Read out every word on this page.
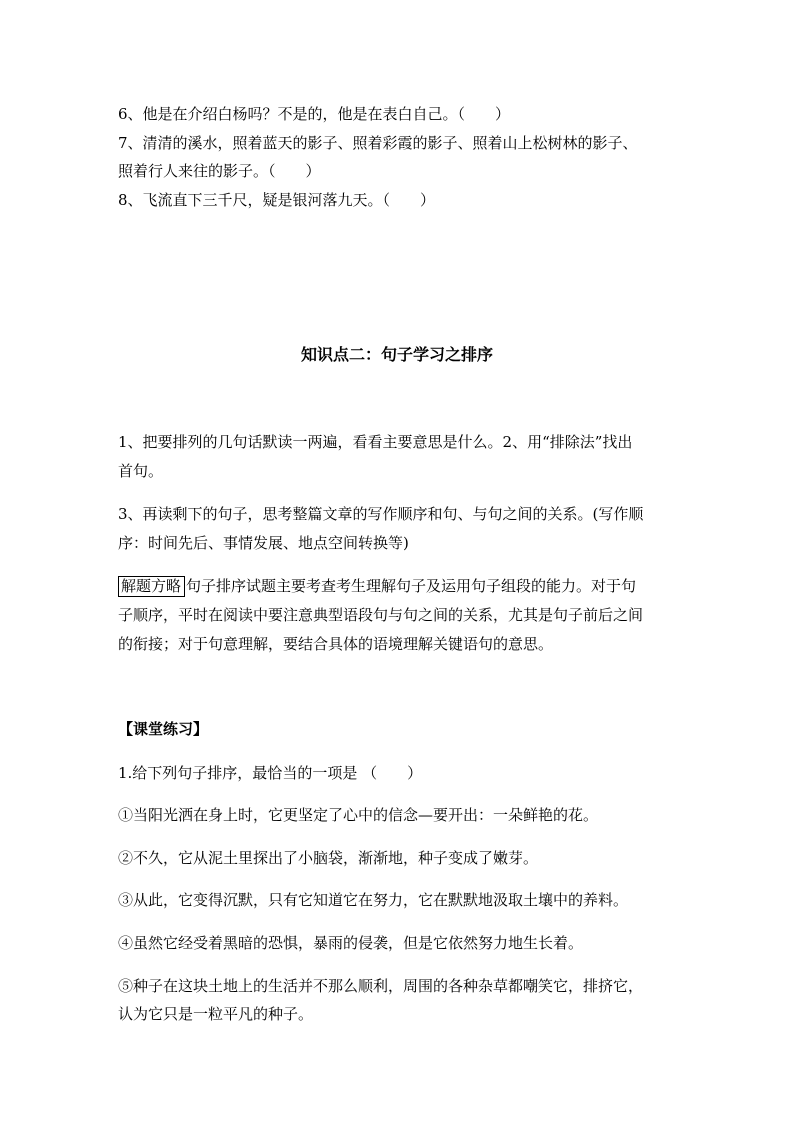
6、他是在介绍白杨吗？不是的，他是在表白自己。（　　）
7、清清的溪水，照着蓝天的影子、照着彩霞的影子、照着山上松树林的影子、
照着行人来往的影子。（　　）
8、飞流直下三千尺，疑是银河落九天。（　　）
知识点二：句子学习之排序
1、把要排列的几句话默读一两遍，看看主要意思是什么。2、用“排除法”找出
首句。
3、再读剩下的句子，思考整篇文章的写作顺序和句、与句之间的关系。(写作顺
序：时间先后、事情发展、地点空间转换等)
解题方略 句子排序试题主要考查考生理解句子及运用句子组段的能力。对于句
子顺序，平时在阅读中要注意典型语段句与句之间的关系，尤其是句子前后之间
的衔接；对于句意理解，要结合具体的语境理解关键语句的意思。
【课堂练习】
1.给下列句子排序，最恰当的一项是 （　　）
①当阳光洒在身上时，它更坚定了心中的信念—要开出：一朵鲜艳的花。
②不久，它从泥土里探出了小脑袋，渐渐地，种子变成了嫩芽。
③从此，它变得沉默，只有它知道它在努力，它在默默地汲取土壤中的养料。
④虽然它经受着黑暗的恐惧，暴雨的侵袭，但是它依然努力地生长着。
⑤种子在这块土地上的生活并不那么顺利，周围的各种杂草都嘲笑它，排挤它，
认为它只是一粒平凡的种子。
